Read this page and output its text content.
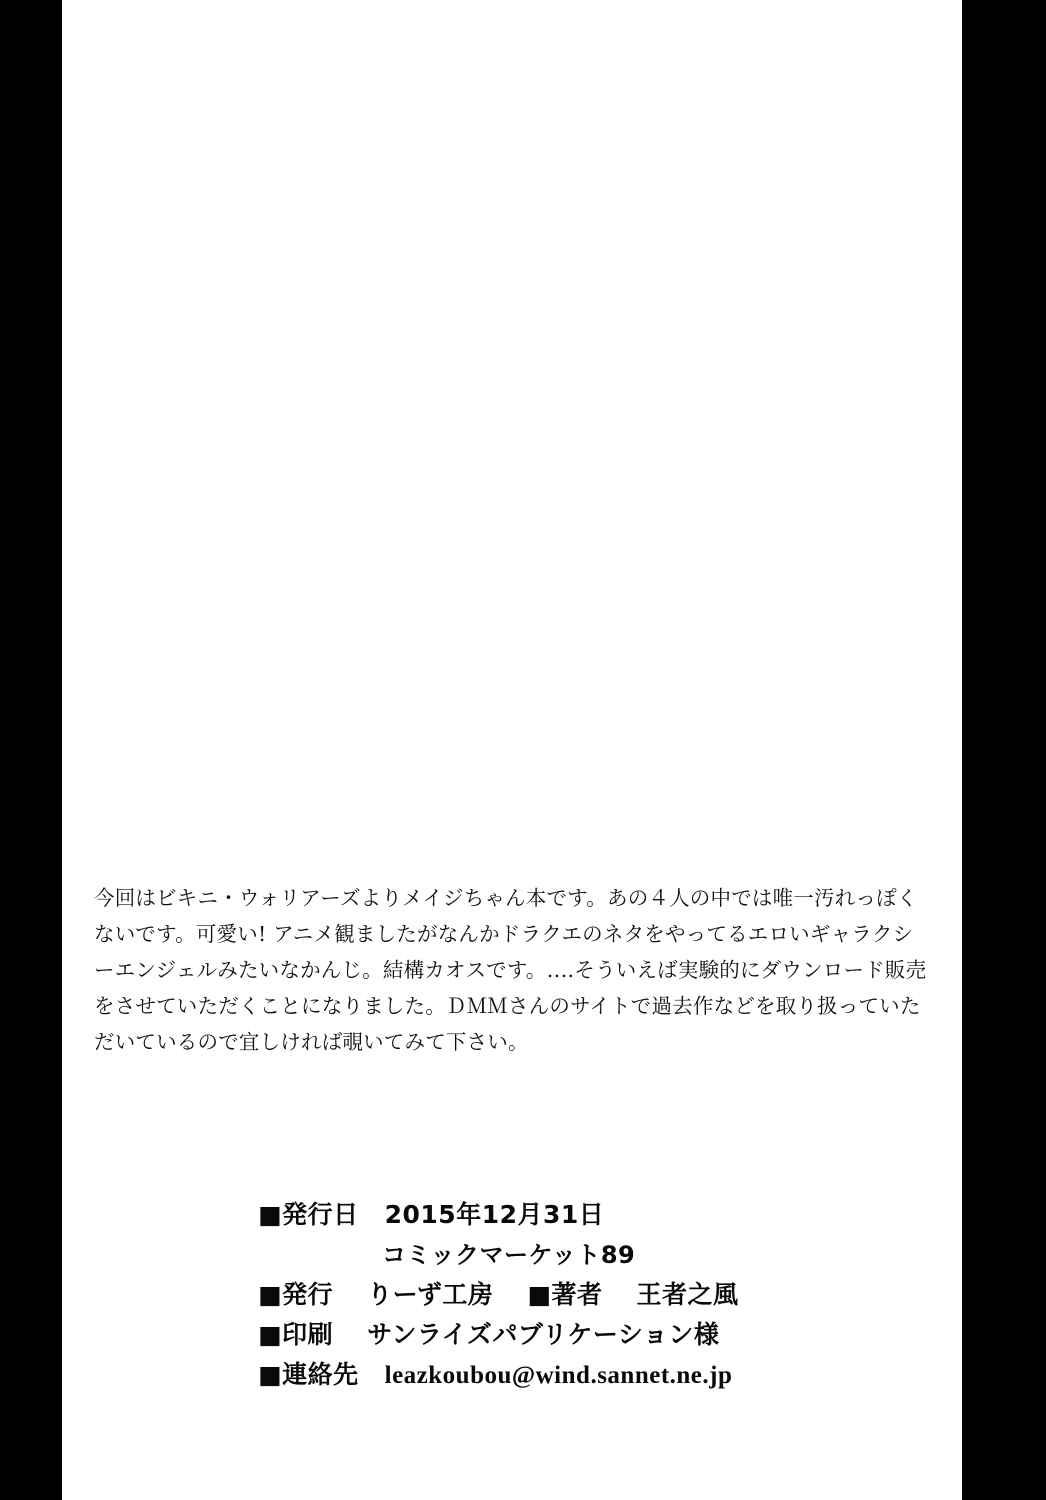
今回はビキニ・ウォリアーズよりメイジちゃん本です。あの４人の中では唯一汚れっぽくないです。可愛い! アニメ観ましたがなんかドラクエのネタをやってるエロいギャラクシーエンジェルみたいなかんじ。結構カオスです。‥‥そういえば実験的にダウンロード販売をさせていただくことになりました。ＤＭＭさんのサイトで過去作などを取り扱っていただいているので宜しければ覗いてみて下さい。

■発行日 2015年12月31日
コミックマーケット89
■発行 りーず工房 ■著者 王者之風
■印刷 サンライズパブリケーション様
■連絡先 leazkoubou@wind.sannet.ne.jp
